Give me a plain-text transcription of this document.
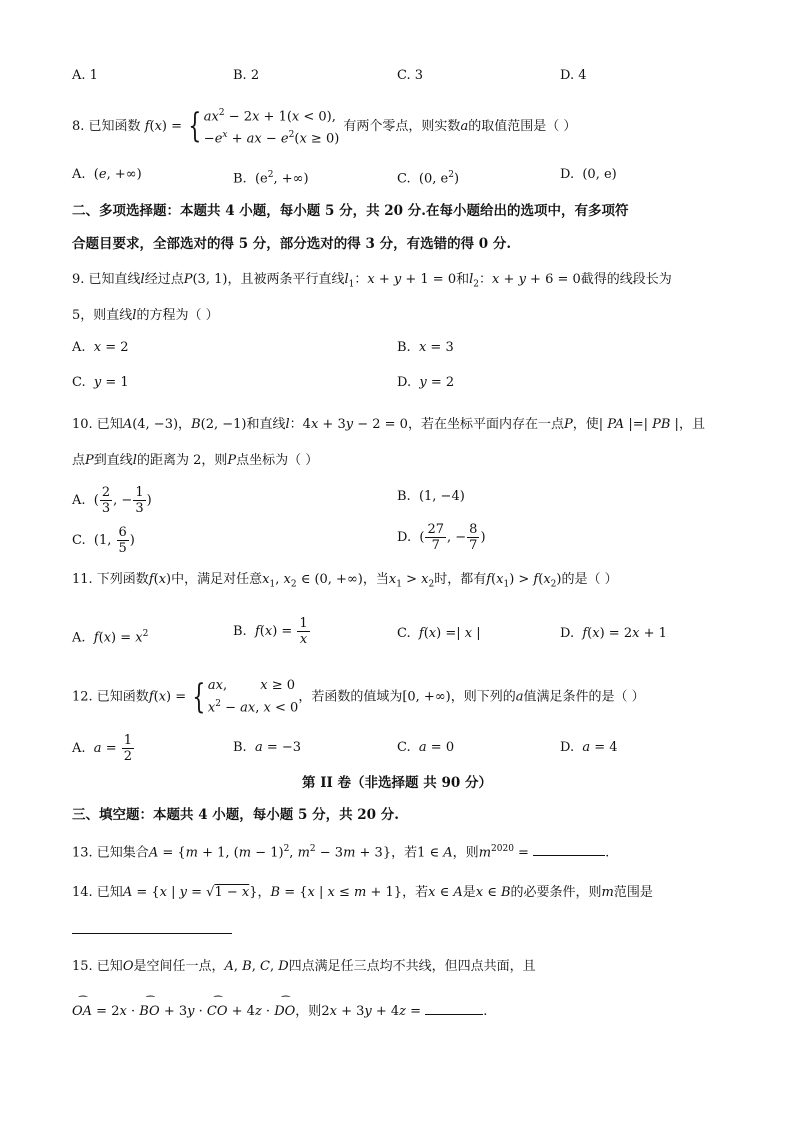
A. 1	B. 2	C. 3	D. 4
8. 已知函数 f(x) = { $ax^2 - 2x + 1(x < 0)$,
$-e^x$ + ax − $e^2(x \ge 0)$
有两个零点，则实数a的取值范围是（ ）
A.  (e, +∞)	B.  ($e^2$, +∞)	C.  (0, $e^2$)	D.  (0, e)
二、多项选择题：本题共 4 小题，每小题 5 分，共 20 分.在每小题给出的选项中，有多项符
合题目要求，全部选对的得 5 分，部分选对的得 3 分，有选错的得 0 分.
9. 已知直线l经过点P(3, 1)，且被两条平行直线$l_1$：x + y + 1 = 0和$l_2$：x + y + 6 = 0截得的线段长为
5，则直线l的方程为（ ）
A. x = 2	B. x = 3
C. y = 1	D. y = 2
10. 已知A(4, −3)，B(2, −1)和直线l：4x + 3y − 2 = 0，若在坐标平面内存在一点P，使| PA |=| PB |，且
点P到直线l的距离为 2，则P点坐标为（ ）
A.  ( $\frac{2}{3}$ , − $\frac{1}{3}$ )	B.  (1, −4)
C.  (1, $\frac{6}{5}$ )	D.  ( $\frac{27}{7}$ , − $\frac{8}{7}$ )
11. 下列函数f(x)中，满足对任意$x_1$, $x_2$ ∈ (0, +∞)，当$x_1 > x_2$时，都有$f(x_1) > f(x_2)$的是（ ）
A. $f(x) = x^2$	B. $f(x) = \frac{1}{x}$	C. f(x) =| x |	D. f(x) = 2x + 1
12. 已知函数f(x) = { ax,        x ≥ 0
$x^2$ − ax, x < 0
，若函数的值域为[0, +∞)，则下列的a值满足条件的是（ ）
A. $a = \frac{1}{2}$	B. a = −3	C. a = 0	D. a = 4
第 II 卷（非选择题 共 90 分）
三、填空题：本题共 4 小题，每小题 5 分，共 20 分.
13. 已知集合A = {m + 1, $(m - 1)^2$, $m^2 - 3m + 3$}，若1 ∈ A，则$m^{2020}$ =	.
14. 已知A = {x | y = √1 − x}，B = {x | x ≤ m + 1}，若x ∈ A是x ∈ B的必要条件，则m范围是
15. 已知O是空间任一点，A, B, C, D四点满足任三点均不共线，但四点共面，且
⁀ OA = 2x · ⁀ BO + 3y · ⁀ CO + 4z · ⁀ DO，则2x + 3y + 4z =	.
